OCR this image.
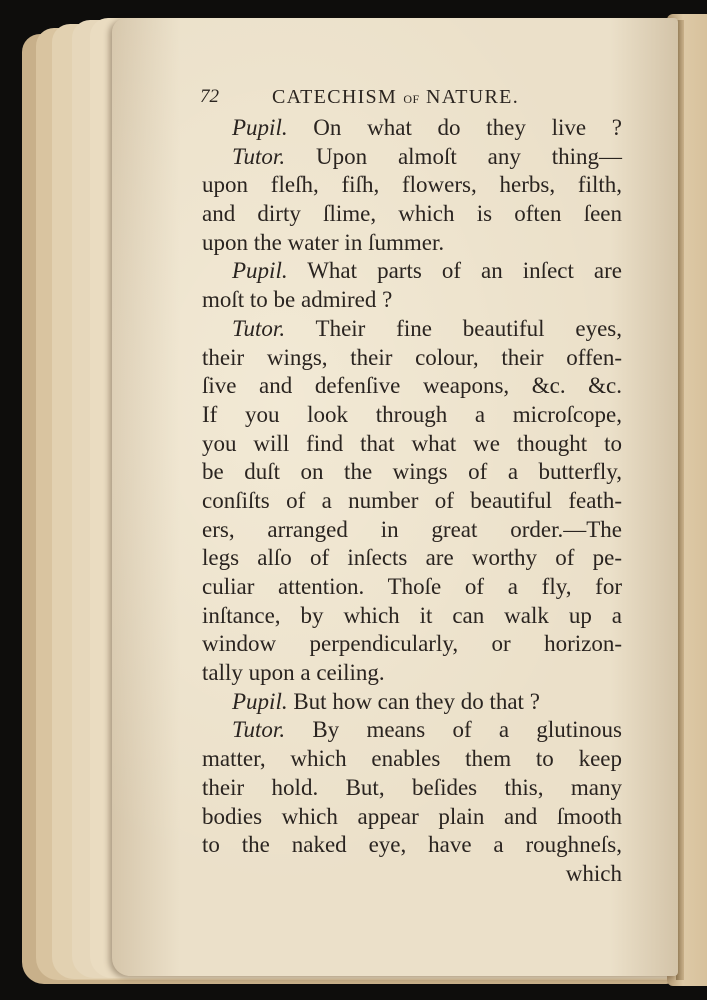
72	CATECHISM OF NATURE.
Pupil. On what do they live ?
Tutor. Upon almoſt any thing—
upon fleſh, fiſh, flowers, herbs, filth,
and dirty ſlime, which is often ſeen
upon the water in ſummer.
Pupil. What parts of an inſect are
moſt to be admired ?
Tutor. Their fine beautiful eyes,
their wings, their colour, their offen-
ſive and defenſive weapons, &c. &c.
If you look through a microſcope,
you will find that what we thought to
be duſt on the wings of a butterfly,
conſiſts of a number of beautiful feath-
ers, arranged in great order.—The
legs alſo of inſects are worthy of pe-
culiar attention. Thoſe of a fly, for
inſtance, by which it can walk up a
window perpendicularly, or horizon-
tally upon a ceiling.
Pupil. But how can they do that ?
Tutor. By means of a glutinous
matter, which enables them to keep
their hold. But, beſides this, many
bodies which appear plain and ſmooth
to the naked eye, have a roughneſs,
which
